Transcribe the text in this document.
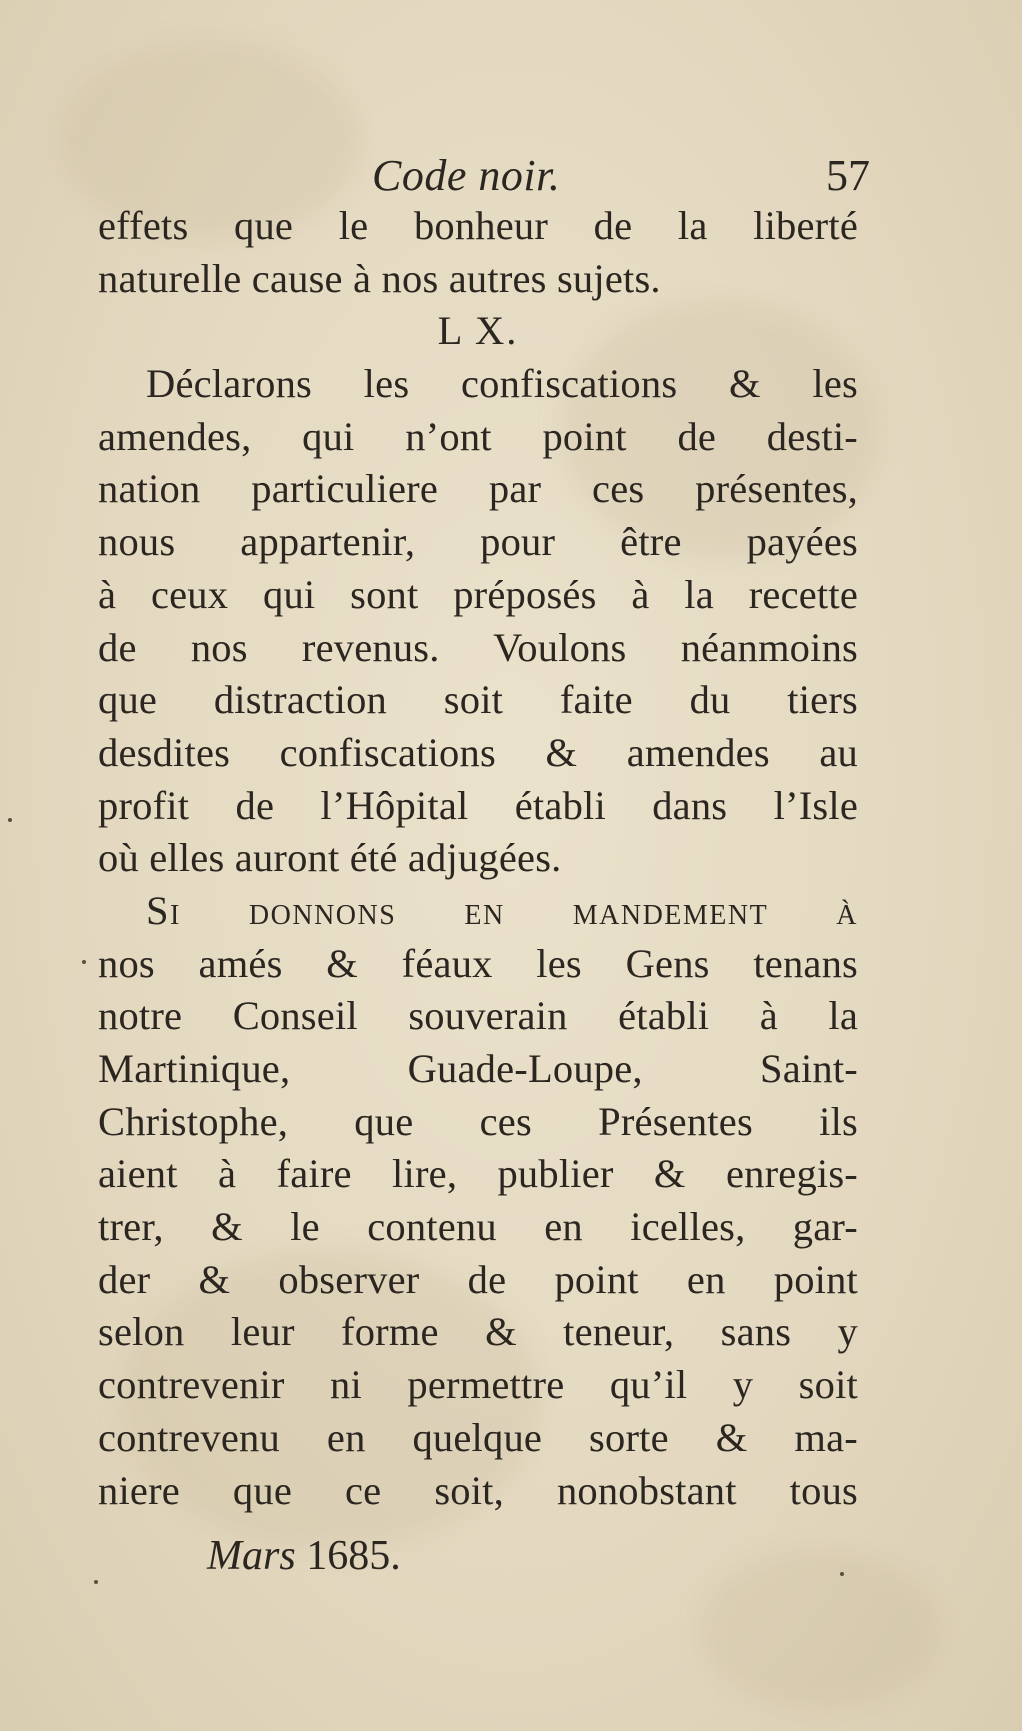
Code noir.	57
effets que le bonheur de la liberté
naturelle cause à nos autres sujets.
L X.
Déclarons les confiscations & les
amendes, qui n’ont point de desti-
nation particuliere par ces présentes,
nous appartenir, pour être payées
à ceux qui sont préposés à la recette
de nos revenus. Voulons néanmoins
que distraction soit faite du tiers
desdites confiscations & amendes au
profit de l’Hôpital établi dans l’Isle
où elles auront été adjugées.
Si donnons en mandement à
nos amés & féaux les Gens tenans
notre Conseil souverain établi à la
Martinique, Guade-Loupe, Saint-
Christophe, que ces Présentes ils
aient à faire lire, publier & enregis-
trer, & le contenu en icelles, gar-
der & observer de point en point
selon leur forme & teneur, sans y
contrevenir ni permettre qu’il y soit
contrevenu en quelque sorte & ma-
niere que ce soit, nonobstant tous
Mars 1685.
